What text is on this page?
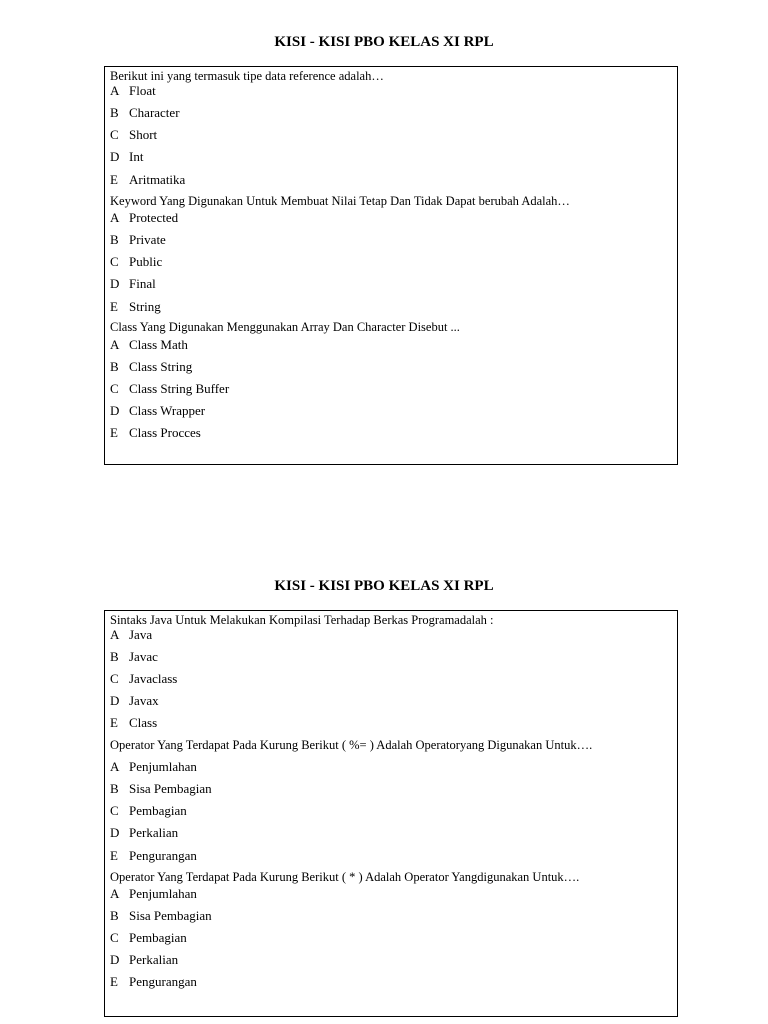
KISI - KISI PBO KELAS XI RPL
Berikut ini yang termasuk tipe data reference adalah…
A Float
B Character
C Short
D Int
E Aritmatika
Keyword Yang Digunakan Untuk Membuat Nilai Tetap Dan Tidak Dapat berubah Adalah…
A Protected
B Private
C Public
D Final
E String
Class Yang Digunakan Menggunakan Array Dan Character Disebut ...
A Class Math
B Class String
C Class String Buffer
D Class Wrapper
E Class Procces
KISI - KISI PBO KELAS XI RPL
Sintaks Java Untuk Melakukan Kompilasi Terhadap Berkas Programadalah :
A Java
B Javac
C Javaclass
D Javax
E Class
Operator Yang Terdapat Pada Kurung Berikut ( %= ) Adalah Operatoryang Digunakan Untuk….
A Penjumlahan
B Sisa Pembagian
C Pembagian
D Perkalian
E Pengurangan
Operator Yang Terdapat Pada Kurung Berikut ( * ) Adalah Operator Yangdigunakan Untuk….
A Penjumlahan
B Sisa Pembagian
C Pembagian
D Perkalian
E Pengurangan
